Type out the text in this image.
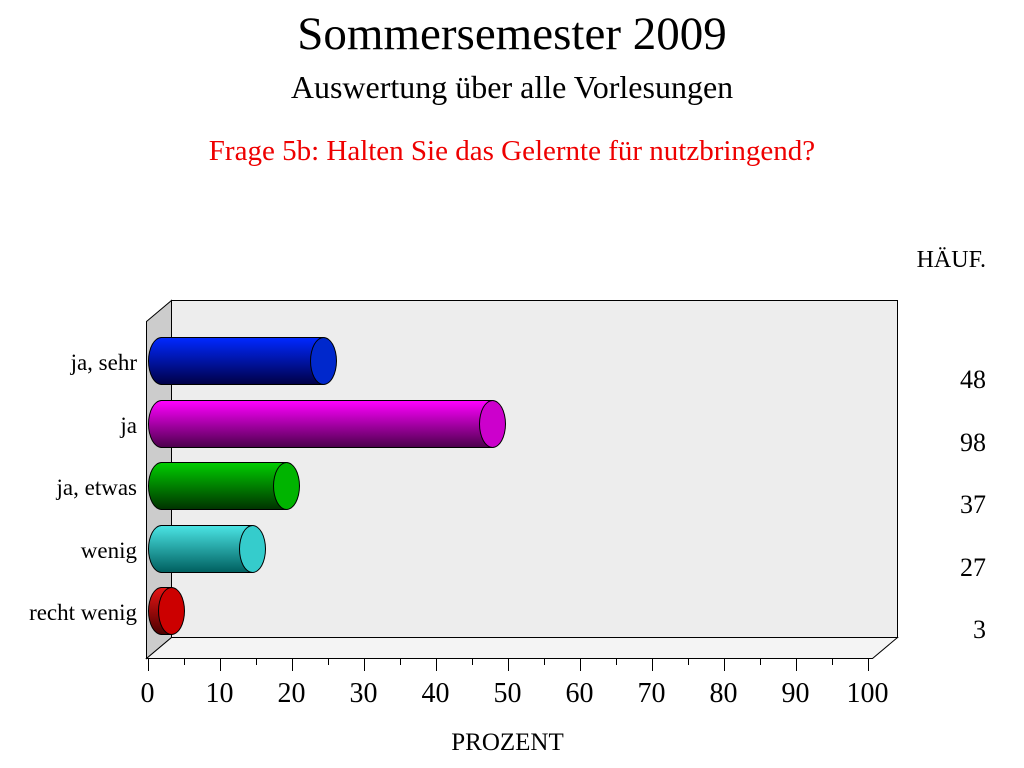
Sommersemester 2009
Auswertung über alle Vorlesungen
Frage 5b: Halten Sie das Gelernte für nutzbringend?
HÄUF.
ja, sehr
ja
ja, etwas
wenig
recht wenig
48
98
37
27
3
0	10	20	30	40	50	60	70	80	90	100
PROZENT
